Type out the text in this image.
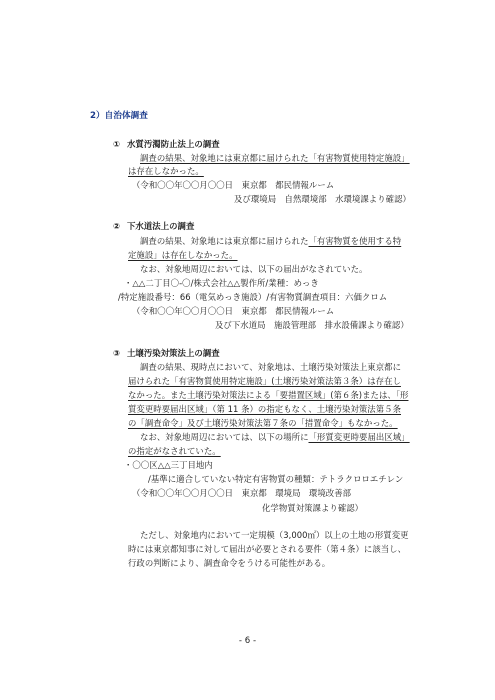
2）自治体調査
① 水質汚濁防止法上の調査
調査の結果、対象地には東京都に届けられた「有害物質使用特定施設」
は存在しなかった。
（令和〇〇年〇〇月〇〇日　東京都　都民情報ルーム
及び環境局　自然環境部　水環境課より確認）
② 下水道法上の調査
調査の結果、対象地には東京都に届けられた「有害物質を使用する特
定施設」は存在しなかった。
なお、対象地周辺においては、以下の届出がなされていた。
・△△二丁目〇-〇/株式会社△△製作所/業種：めっき
/特定施設番号：66（電気めっき施設）/有害物質調査項目：六価クロム
（令和〇〇年〇〇月〇〇日　東京都　都民情報ルーム
及び下水道局　施設管理部　排水設備課より確認）
③ 土壌汚染対策法上の調査
調査の結果、現時点において、対象地は、土壌汚染対策法上東京都に
届けられた「有害物質使用特定施設」(土壌汚染対策法第３条）は存在し
なかった。また土壌汚染対策法による「要措置区域」(第６条)または、「形
質変更時要届出区域」（第 11 条）の指定もなく、土壌汚染対策法第５条
の「調査命令」及び土壌汚染対策法第７条の「措置命令」もなかった。
なお、対象地周辺においては、以下の場所に「形質変更時要届出区域」
の指定がなされていた。
・〇〇区△△三丁目地内
/基準に適合していない特定有害物質の種類：テトラクロロエチレン
（令和〇〇年〇〇月〇〇日　東京都　環境局　環境改善部
化学物質対策課より確認）
ただし、対象地内において一定規模（3,000㎡）以上の土地の形質変更
時には東京都知事に対して届出が必要とされる要件（第４条）に該当し、
行政の判断により、調査命令をうける可能性がある。
- 6 -
